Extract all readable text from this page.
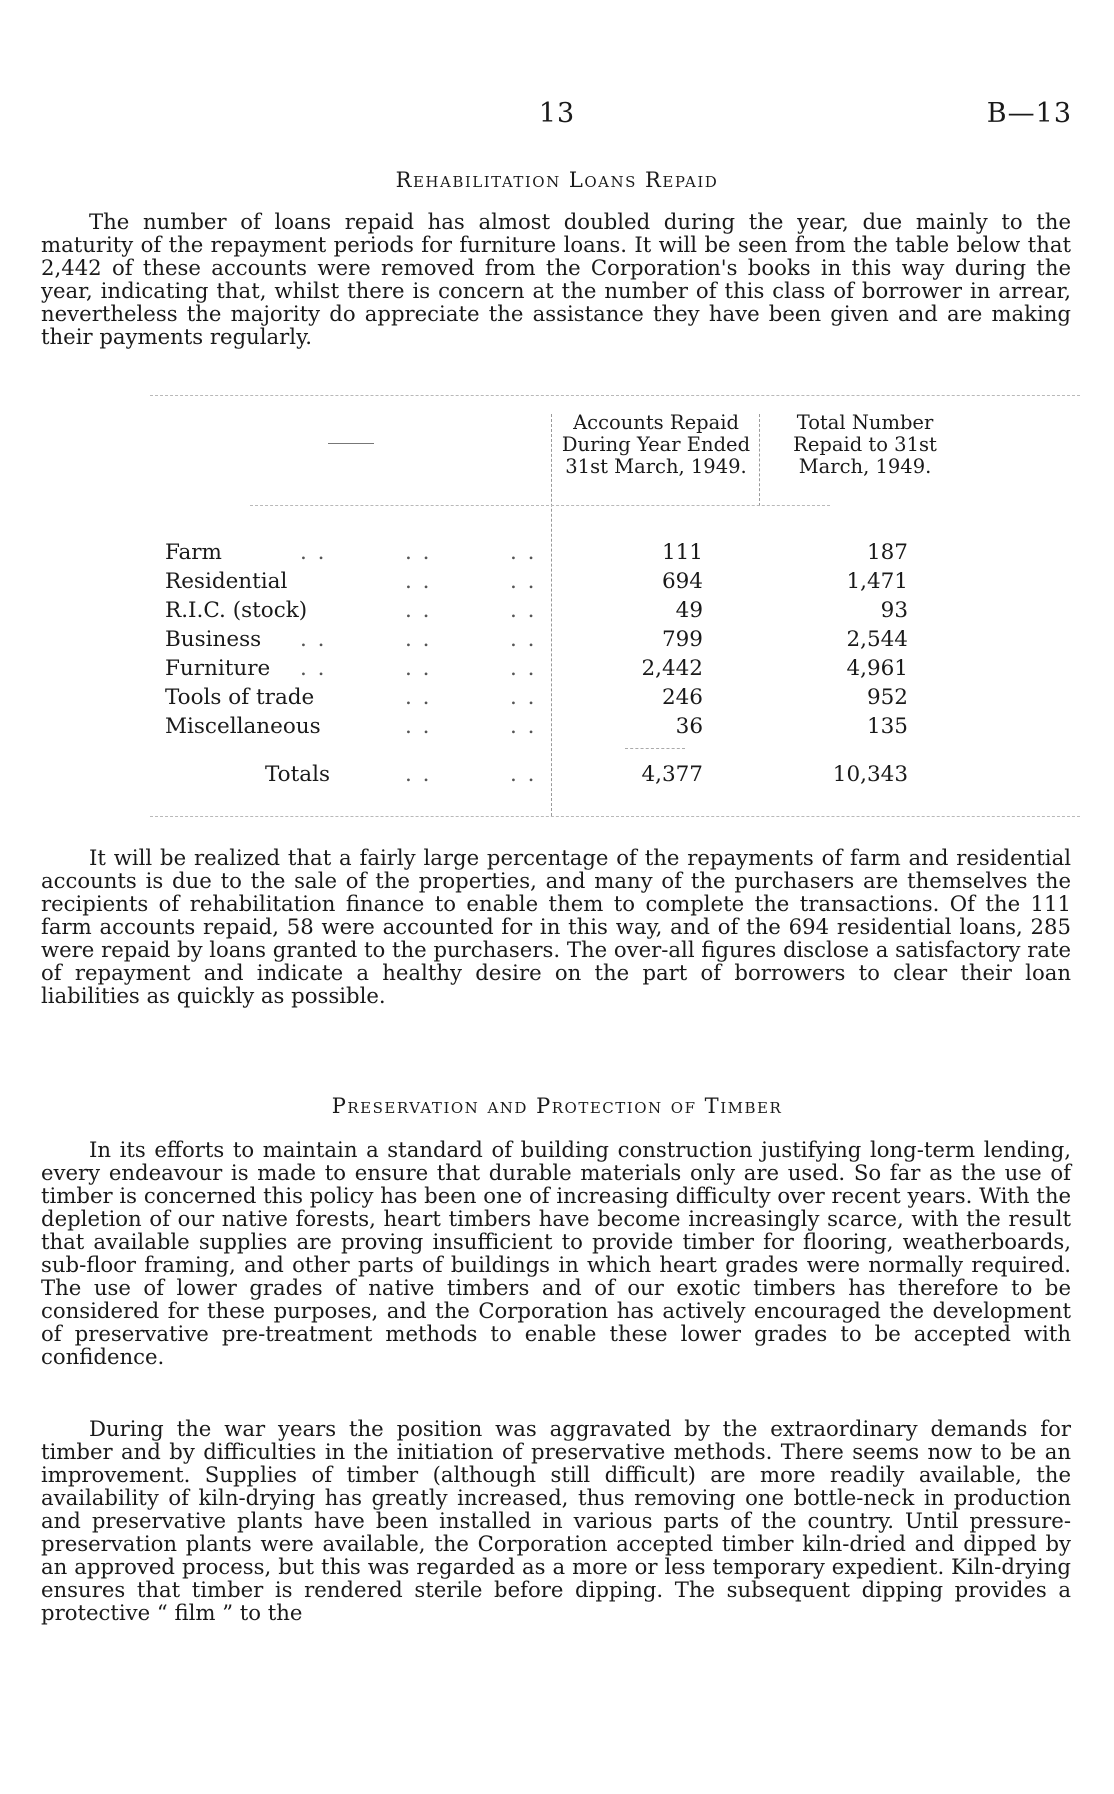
13	B—13
Rehabilitation Loans Repaid

The number of loans repaid has almost doubled during the year, due mainly to the maturity of the repayment periods for furniture loans. It will be seen from the table below that 2,442 of these accounts were removed from the Corporation's books in this way during the year, indicating that, whilst there is concern at the number of this class of borrower in arrear, nevertheless the majority do appreciate the assistance they have been given and are making their payments regularly.

Accounts Repaid During Year Ended 31st March, 1949.
Total Number Repaid to 31st March, 1949.
Farm	. .	. .	. .	111	187
Residential	. .	. .	694	1,471
R.I.C. (stock)	. .	. .	49	93
Business . .	. .	. .	799	2,544
Furniture . .	. .	. .	2,442	4,961
Tools of trade	. .	. .	246	952
Miscellaneous	. .	. .	36	135
Totals	. .	. .	4,377	10,343

It will be realized that a fairly large percentage of the repayments of farm and residential accounts is due to the sale of the properties, and many of the purchasers are themselves the recipients of rehabilitation finance to enable them to complete the transactions. Of the 111 farm accounts repaid, 58 were accounted for in this way, and of the 694 residential loans, 285 were repaid by loans granted to the purchasers. The over-all figures disclose a satisfactory rate of repayment and indicate a healthy desire on the part of borrowers to clear their loan liabilities as quickly as possible.

Preservation and Protection of Timber

In its efforts to maintain a standard of building construction justifying long-term lending, every endeavour is made to ensure that durable materials only are used. So far as the use of timber is concerned this policy has been one of increasing difficulty over recent years. With the depletion of our native forests, heart timbers have become increasingly scarce, with the result that available supplies are proving insufficient to provide timber for flooring, weatherboards, sub-floor framing, and other parts of buildings in which heart grades were normally required. The use of lower grades of native timbers and of our exotic timbers has therefore to be considered for these purposes, and the Corporation has actively encouraged the development of preservative pre-treatment methods to enable these lower grades to be accepted with confidence.

During the war years the position was aggravated by the extraordinary demands for timber and by difficulties in the initiation of preservative methods. There seems now to be an improvement. Supplies of timber (although still difficult) are more readily available, the availability of kiln-drying has greatly increased, thus removing one bottle-neck in production and preservative plants have been installed in various parts of the country. Until pressure-preservation plants were available, the Corporation accepted timber kiln-dried and dipped by an approved process, but this was regarded as a more or less temporary expedient. Kiln-drying ensures that timber is rendered sterile before dipping. The subsequent dipping provides a protective “ film ” to the
